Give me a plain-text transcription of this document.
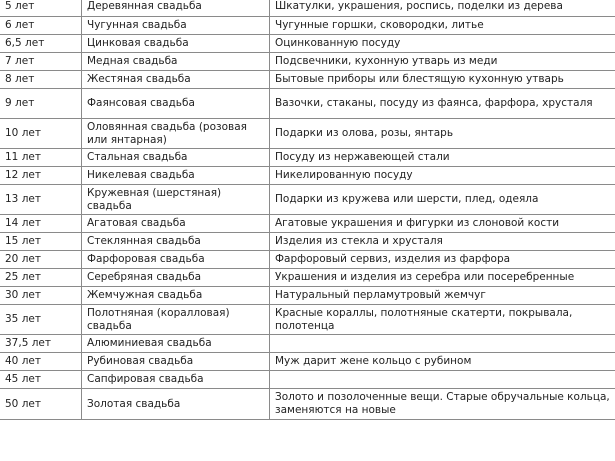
5 лет	Деревянная свадьба	Шкатулки, украшения, роспись, поделки из дерева
6 лет	Чугунная свадьба	Чугунные горшки, сковородки, литье
6,5 лет	Цинковая свадьба	Оцинкованную посуду
7 лет	Медная свадьба	Подсвечники, кухонную утварь из меди
8 лет	Жестяная свадьба	Бытовые приборы или блестящую кухонную утварь
9 лет	Фаянсовая свадьба	Вазочки, стаканы, посуду из фаянса, фарфора, хрусталя
10 лет	Оловянная свадьба (розовая или янтарная)	Подарки из олова, розы, янтарь
11 лет	Стальная свадьба	Посуду из нержавеющей стали
12 лет	Никелевая свадьба	Никелированную посуду
13 лет	Кружевная (шерстяная) свадьба	Подарки из кружева или шерсти, плед, одеяла
14 лет	Агатовая свадьба	Агатовые украшения и фигурки из слоновой кости
15 лет	Стеклянная свадьба	Изделия из стекла и хрусталя
20 лет	Фарфоровая свадьба	Фарфоровый сервиз, изделия из фарфора
25 лет	Серебряная свадьба	Украшения и изделия из серебра или посеребренные
30 лет	Жемчужная свадьба	Натуральный перламутровый жемчуг
35 лет	Полотняная (коралловая) свадьба	Красные кораллы, полотняные скатерти, покрывала, полотенца
37,5 лет	Алюминиевая свадьба	
40 лет	Рубиновая свадьба	Муж дарит жене кольцо с рубином
45 лет	Сапфировая свадьба	
50 лет	Золотая свадьба	Золото и позолоченные вещи. Старые обручальные кольца, заменяются на новые
